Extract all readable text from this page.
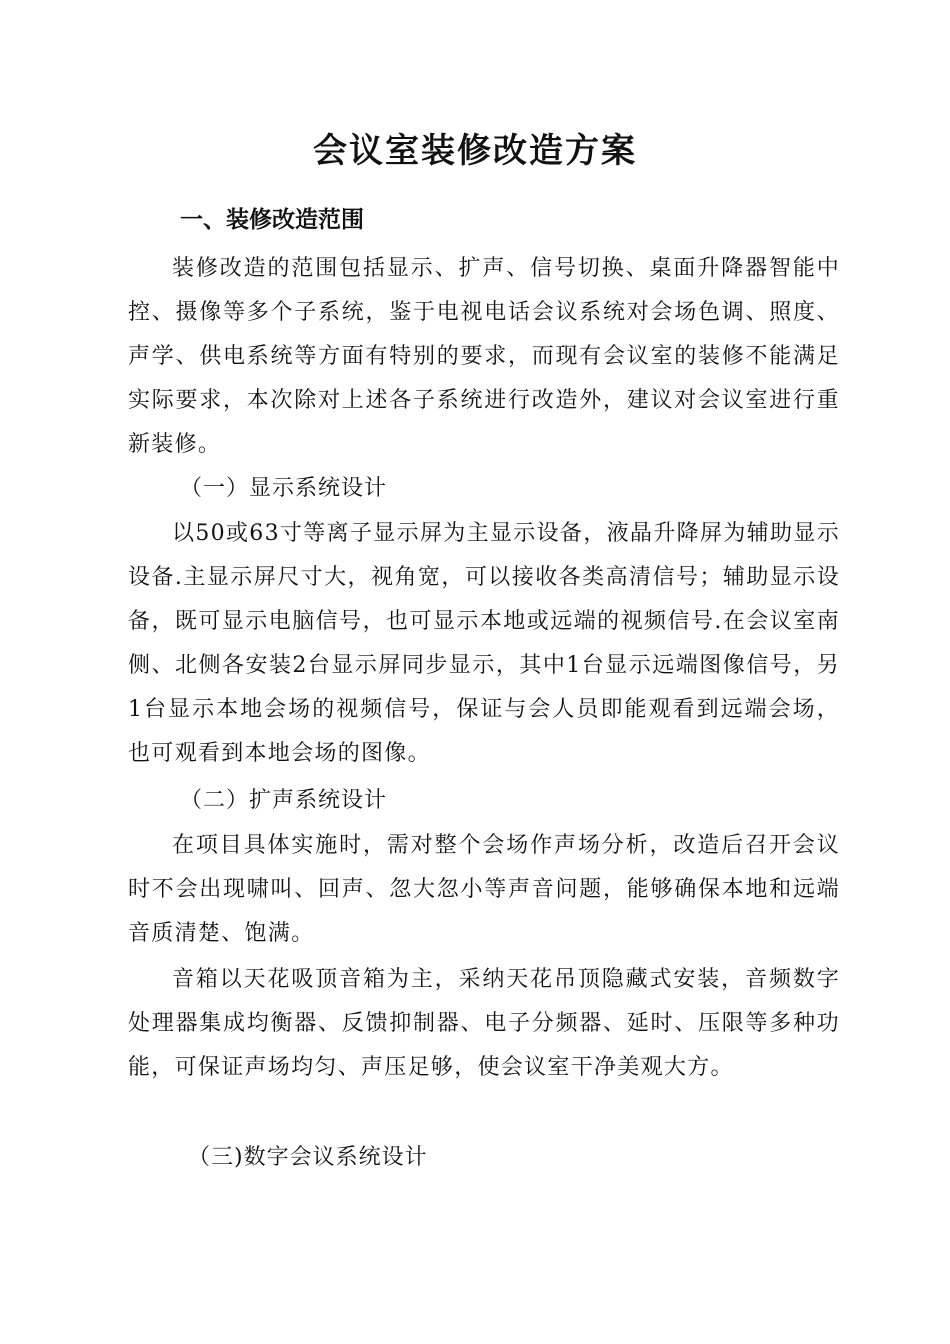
会议室装修改造方案
一、装修改造范围

装修改造的范围包括显示、扩声、信号切换、桌面升降器智能中控、摄像等多个子系统，鉴于电视电话会议系统对会场色调、照度、声学、供电系统等方面有特别的要求，而现有会议室的装修不能满足实际要求，本次除对上述各子系统进行改造外，建议对会议室进行重新装修。

（一）显示系统设计

以50或63寸等离子显示屏为主显示设备，液晶升降屏为辅助显示设备.主显示屏尺寸大，视角宽，可以接收各类高清信号；辅助显示设备，既可显示电脑信号，也可显示本地或远端的视频信号.在会议室南侧、北侧各安装2台显示屏同步显示，其中1台显示远端图像信号，另1台显示本地会场的视频信号，保证与会人员即能观看到远端会场，也可观看到本地会场的图像。

（二）扩声系统设计

在项目具体实施时，需对整个会场作声场分析，改造后召开会议时不会出现啸叫、回声、忽大忽小等声音问题，能够确保本地和远端音质清楚、饱满。

音箱以天花吸顶音箱为主，采纳天花吊顶隐藏式安装，音频数字处理器集成均衡器、反馈抑制器、电子分频器、延时、压限等多种功能，可保证声场均匀、声压足够，使会议室干净美观大方。

（三)数字会议系统设计
